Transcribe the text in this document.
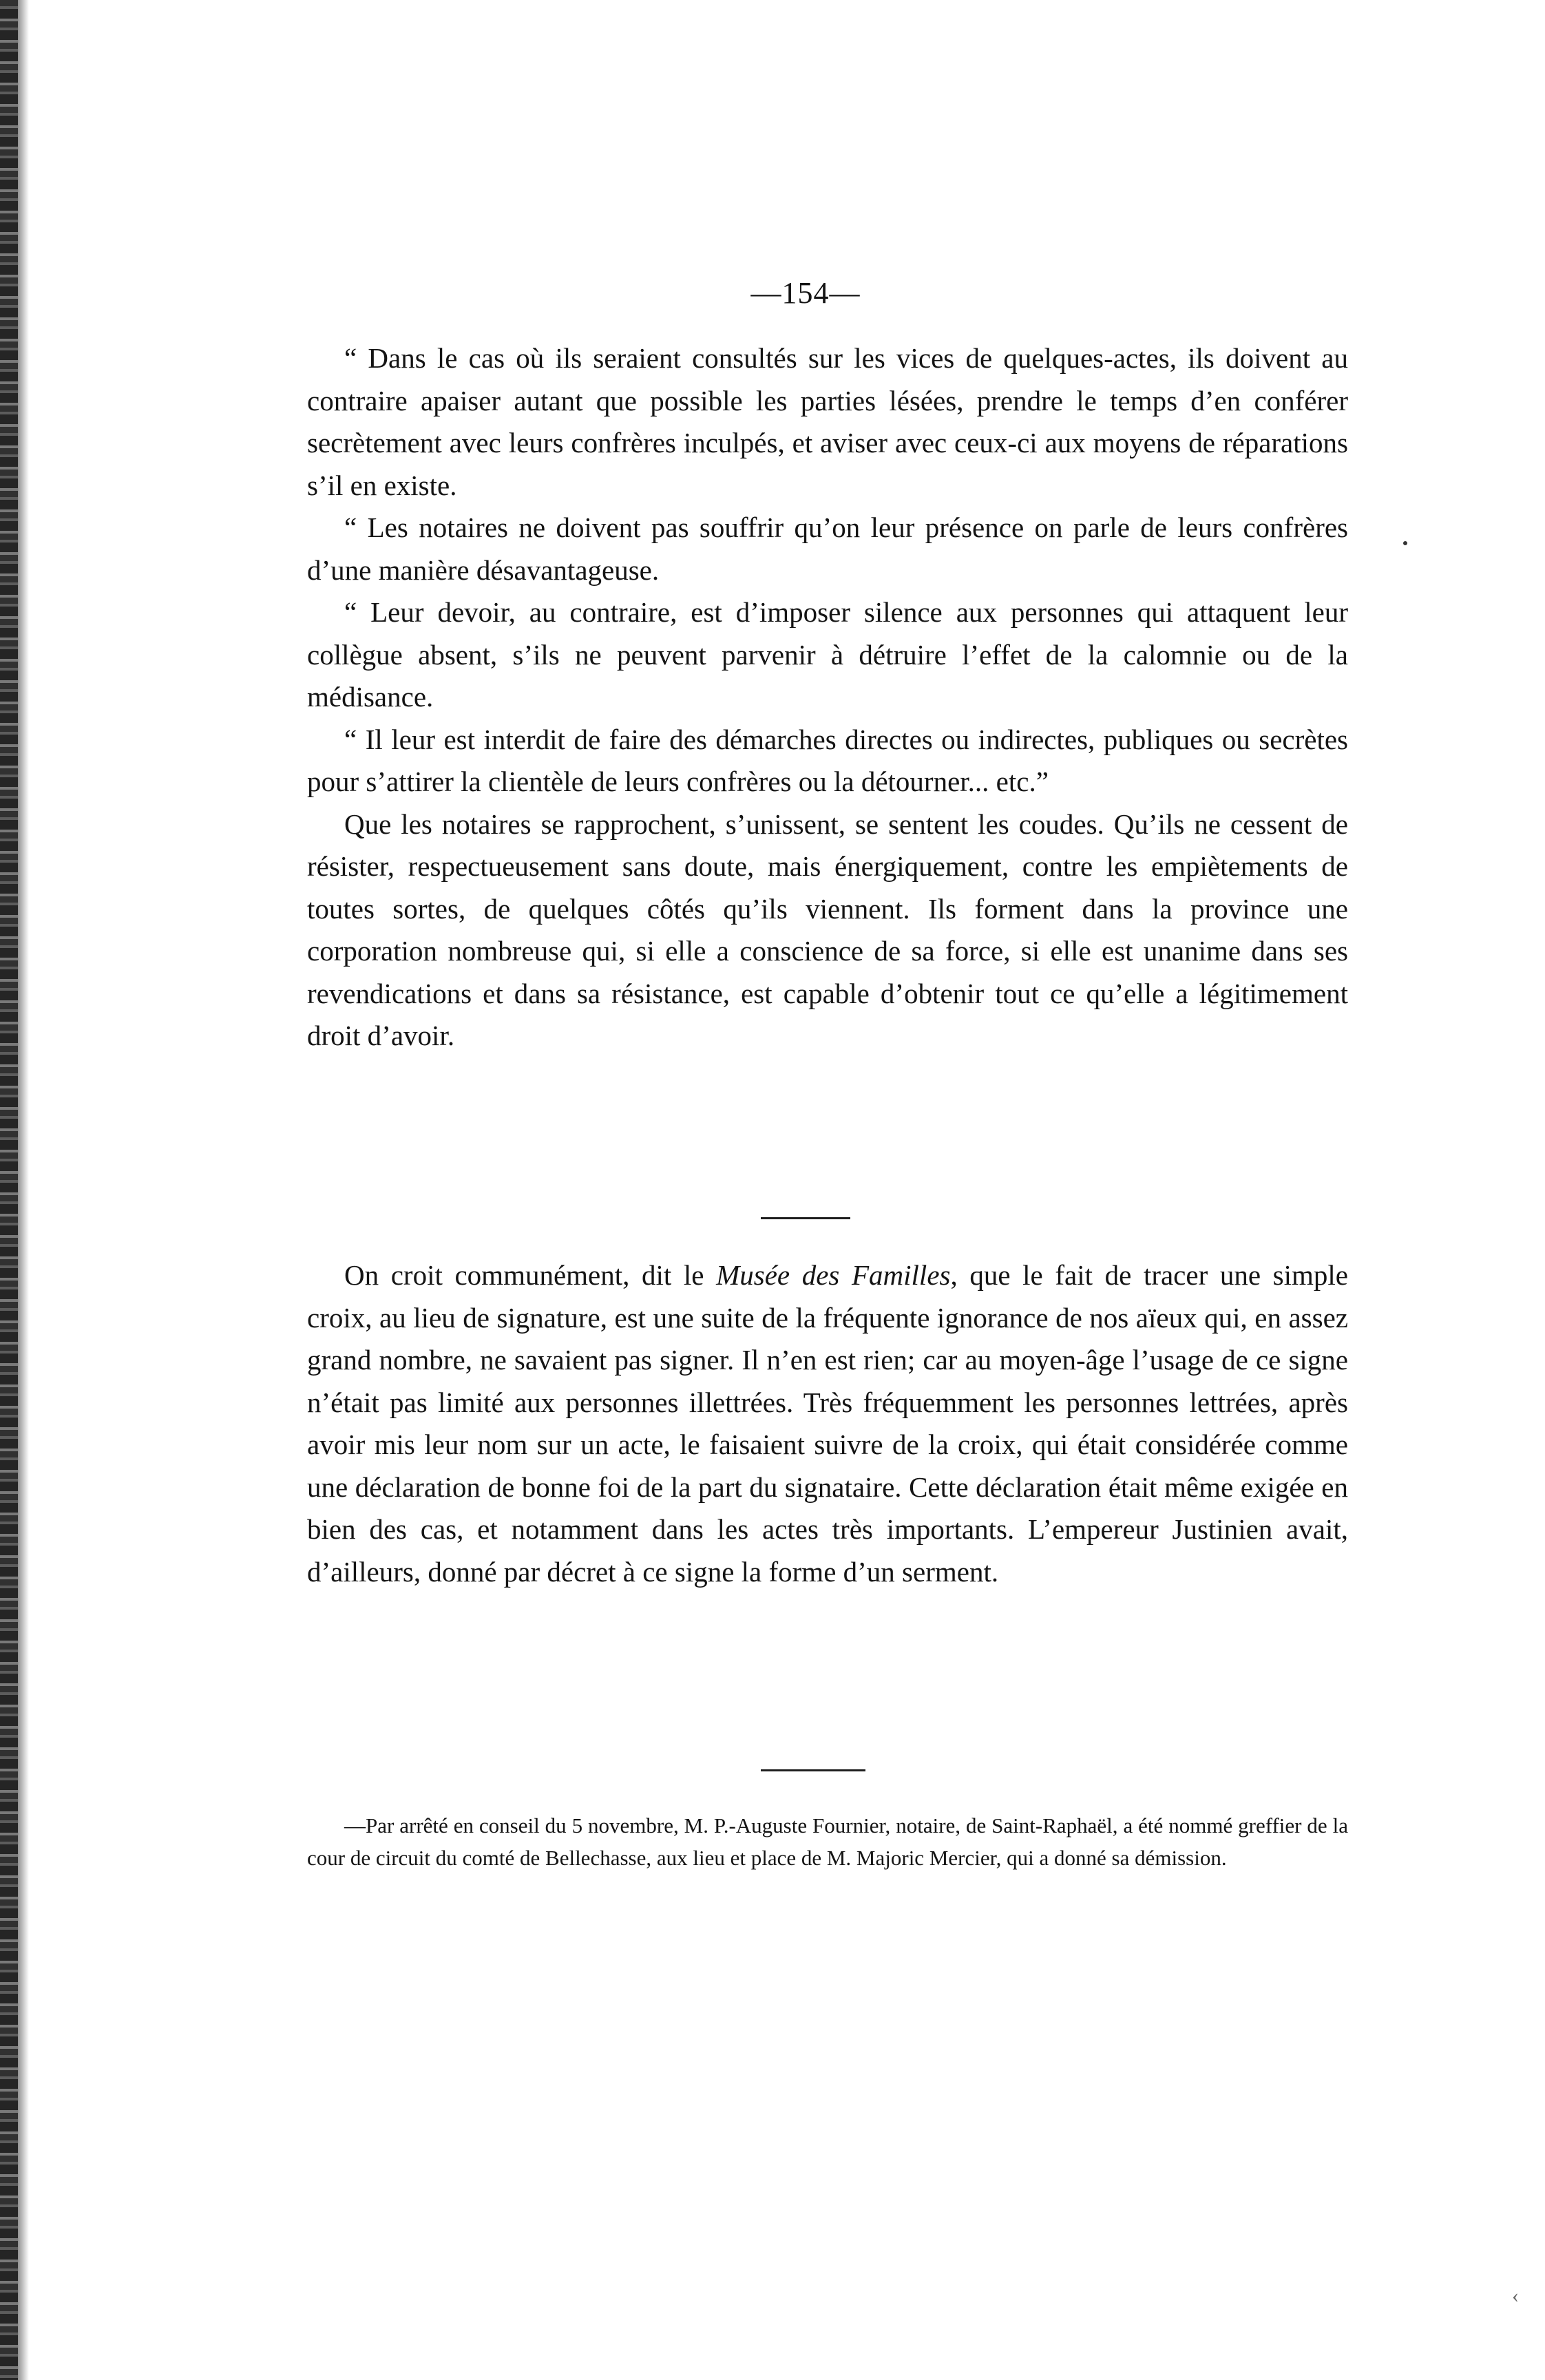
—154—

“ Dans le cas où ils seraient consultés sur les vices de quelques-actes, ils doivent au contraire apaiser autant que possible les parties lésées, prendre le temps d’en conférer secrètement avec leurs confrères inculpés, et aviser avec ceux-ci aux moyens de réparations s’il en existe.

“ Les notaires ne doivent pas souffrir qu’on leur présence on parle de leurs confrères d’une manière désavantageuse.

“ Leur devoir, au contraire, est d’imposer silence aux personnes qui attaquent leur collègue absent, s’ils ne peuvent parvenir à détruire l’effet de la calomnie ou de la médisance.

“ Il leur est interdit de faire des démarches directes ou indirectes, publiques ou secrètes pour s’attirer la clientèle de leurs confrères ou la détourner... etc.”

Que les notaires se rapprochent, s’unissent, se sentent les coudes. Qu’ils ne cessent de résister, respectueusement sans doute, mais énergiquement, contre les empiètements de toutes sortes, de quelques côtés qu’ils viennent. Ils forment dans la province une corporation nombreuse qui, si elle a conscience de sa force, si elle est unanime dans ses revendications et dans sa résistance, est capable d’obtenir tout ce qu’elle a légitimement droit d’avoir.

On croit communément, dit le Musée des Familles, que le fait de tracer une simple croix, au lieu de signature, est une suite de la fréquente ignorance de nos aïeux qui, en assez grand nombre, ne savaient pas signer. Il n’en est rien; car au moyen-âge l’usage de ce signe n’était pas limité aux personnes illettrées. Très fréquemment les personnes lettrées, après avoir mis leur nom sur un acte, le faisaient suivre de la croix, qui était considérée comme une déclaration de bonne foi de la part du signataire. Cette déclaration était même exigée en bien des cas, et notamment dans les actes très importants. L’empereur Justinien avait, d’ailleurs, donné par décret à ce signe la forme d’un serment.

—Par arrêté en conseil du 5 novembre, M. P.-Auguste Fournier, notaire, de Saint-Raphaël, a été nommé greffier de la cour de circuit du comté de Bellechasse, aux lieu et place de M. Majoric Mercier, qui a donné sa démission.

‹
